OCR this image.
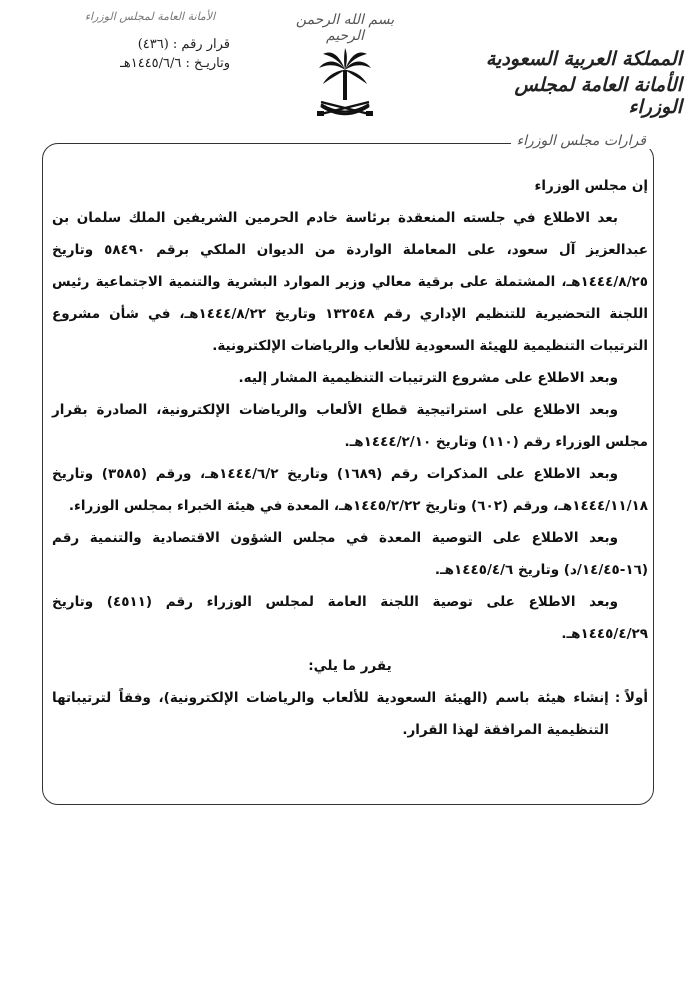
الأمانة العامة لمجلس الوزراء
قرار رقم : (٤٣٦)
وتاريـخ : ١٤٤٥/٦/٦هـ
بسم الله الرحمن الرحيم
المملكة العربية السعودية
الأمانة العامة لمجلس الوزراء
قرارات مجلس الوزراء

إن مجلس الوزراء

بعد الاطلاع في جلسته المنعقدة برئاسة خادم الحرمين الشريفين الملك سلمان بن عبدالعزيز آل سعود، على المعاملة الواردة من الديوان الملكي برقم ٥٨٤٩٠ وتاريخ ١٤٤٤/٨/٢٥هـ، المشتملة على برقية معالي وزير الموارد البشرية والتنمية الاجتماعية رئيس اللجنة التحضيرية للتنظيم الإداري رقم ١٣٢٥٤٨ وتاريخ ١٤٤٤/٨/٢٢هـ، في شأن مشروع الترتيبات التنظيمية للهيئة السعودية للألعاب والرياضات الإلكترونية.

وبعد الاطلاع على مشروع الترتيبات التنظيمية المشار إليه.

وبعد الاطلاع على استراتيجية قطاع الألعاب والرياضات الإلكترونية، الصادرة بقرار مجلس الوزراء رقم (١١٠) وتاريخ ١٤٤٤/٢/١٠هـ.

وبعد الاطلاع على المذكرات رقم (١٦٨٩) وتاريخ ١٤٤٤/٦/٢هـ، ورقم (٣٥٨٥) وتاريخ ١٤٤٤/١١/١٨هـ، ورقم (٦٠٢) وتاريخ ١٤٤٥/٢/٢٢هـ، المعدة في هيئة الخبراء بمجلس الوزراء.

وبعد الاطلاع على التوصية المعدة في مجلس الشؤون الاقتصادية والتنمية رقم (١٦-١٤/٤٥/د) وتاريخ ١٤٤٥/٤/٦هـ.

وبعد الاطلاع على توصية اللجنة العامة لمجلس الوزراء رقم (٤٥١١) وتاريخ ١٤٤٥/٤/٢٩هـ.

يقرر ما يلي:

أولاً :
إنشاء هيئة باسم (الهيئة السعودية للألعاب والرياضات الإلكترونية)، وفقاً لترتيباتها التنظيمية المرافقة لهذا القرار.
